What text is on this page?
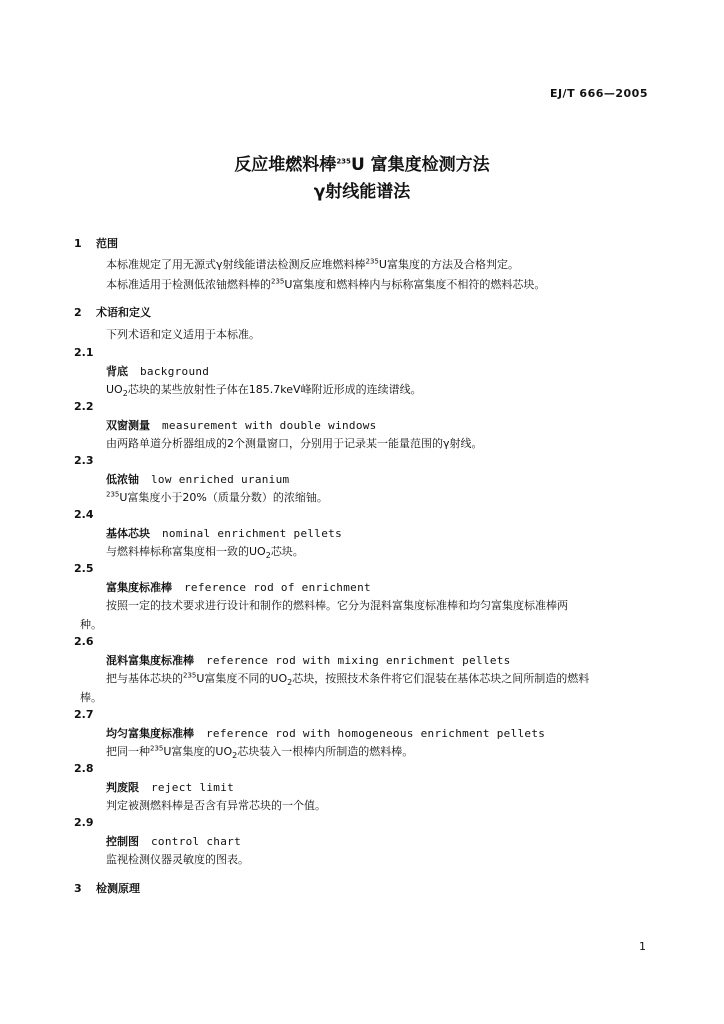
EJ/T 666—2005
反应堆燃料棒$^{235}$U 富集度检测方法
γ射线能谱法
1 范围
本标准规定了用无源式γ射线能谱法检测反应堆燃料棒$^{235}$U富集度的方法及合格判定。
本标准适用于检测低浓铀燃料棒的$^{235}$U富集度和燃料棒内与标称富集度不相符的燃料芯块。
2 术语和定义
下列术语和定义适用于本标准。
2.1
背底 background
$UO_2$芯块的某些放射性子体在185.7keV峰附近形成的连续谱线。
2.2
双窗测量 measurement with double windows
由两路单道分析器组成的2个测量窗口，分别用于记录某一能量范围的γ射线。
2.3
低浓铀 low enriched uranium
$^{235}$U富集度小于20%（质量分数）的浓缩铀。
2.4
基体芯块 nominal enrichment pellets
与燃料棒标称富集度相一致的$UO_2$芯块。
2.5
富集度标准棒 reference rod of enrichment
按照一定的技术要求进行设计和制作的燃料棒。它分为混料富集度标准棒和均匀富集度标准棒两
种。
2.6
混料富集度标准棒 reference rod with mixing enrichment pellets
把与基体芯块的$^{235}$U富集度不同的$UO_2$芯块，按照技术条件将它们混装在基体芯块之间所制造的燃料
棒。
2.7
均匀富集度标准棒 reference rod with homogeneous enrichment pellets
把同一种$^{235}$U富集度的$UO_2$芯块装入一根棒内所制造的燃料棒。
2.8
判废限 reject limit
判定被测燃料棒是否含有异常芯块的一个值。
2.9
控制图 control chart
监视检测仪器灵敏度的图表。
3 检测原理
1
